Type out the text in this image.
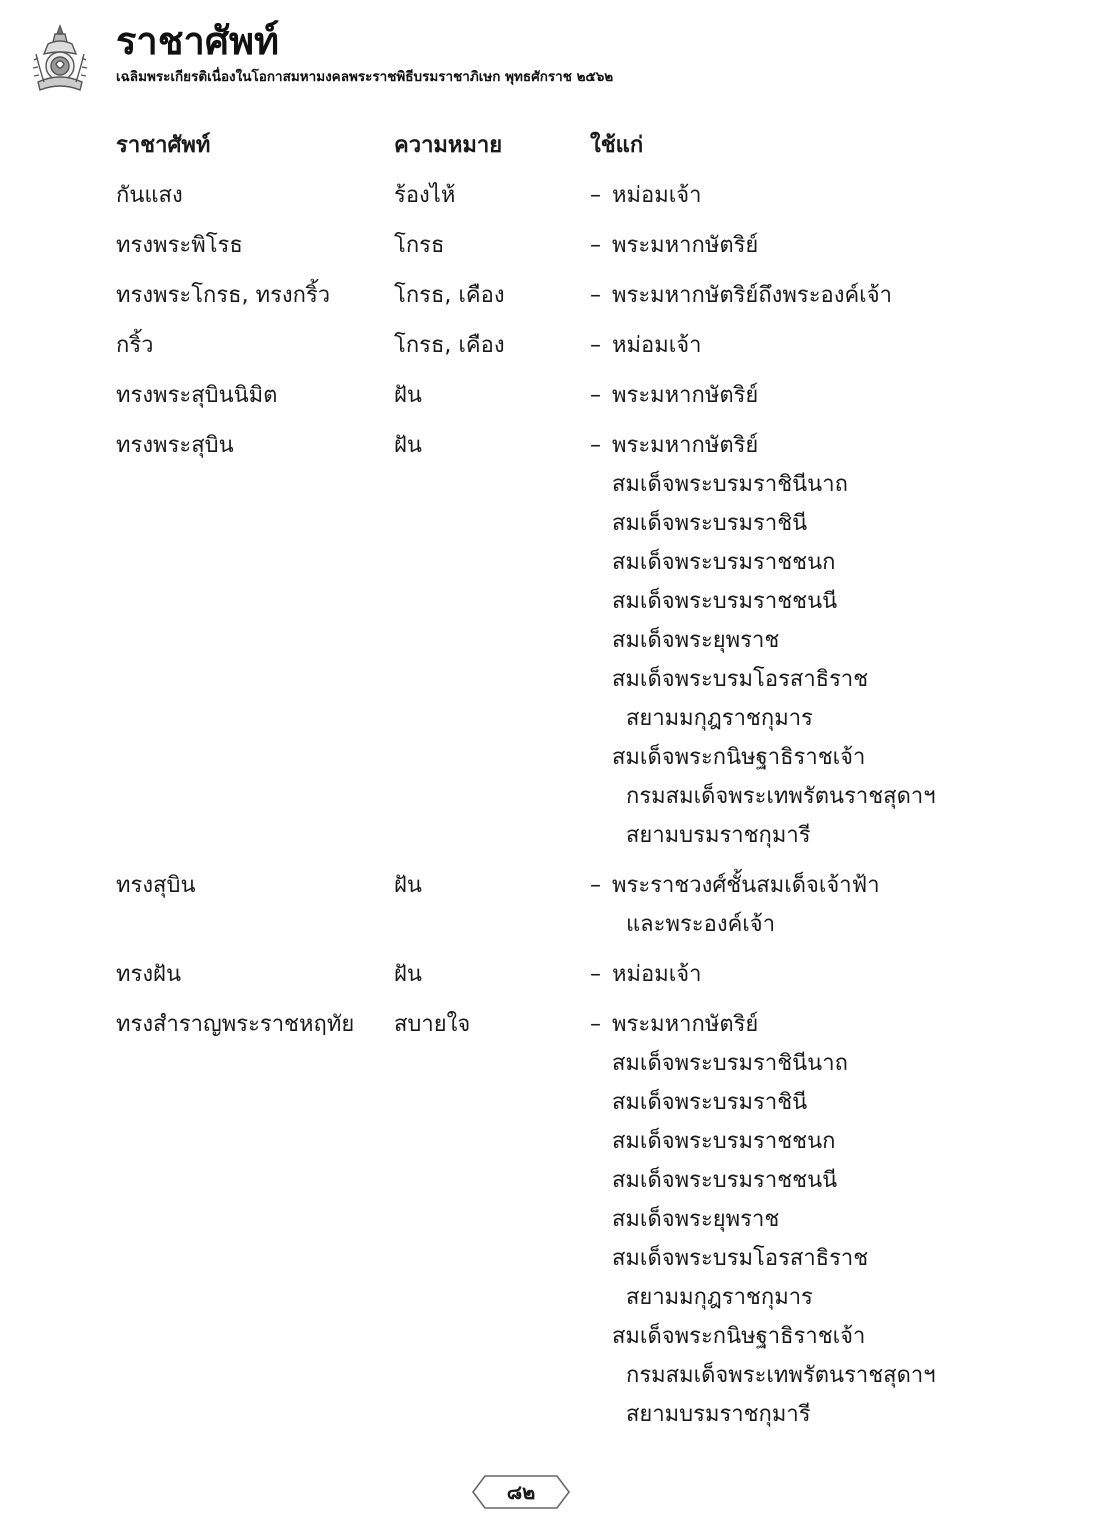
ราชาศัพท์
เฉลิมพระเกียรติเนื่องในโอกาสมหามงคลพระราชพิธีบรมราชาภิเษก พุทธศักราช ๒๕๖๒
ราชาศัพท์	ความหมาย	ใช้แก่
กันแสง	ร้องไห้	– หม่อมเจ้า
ทรงพระพิโรธ	โกรธ	– พระมหากษัตริย์
ทรงพระโกรธ, ทรงกริ้ว	โกรธ, เคือง	– พระมหากษัตริย์ถึงพระองค์เจ้า
กริ้ว	โกรธ, เคือง	– หม่อมเจ้า
ทรงพระสุบินนิมิต	ฝัน	– พระมหากษัตริย์
ทรงพระสุบิน	ฝัน	– พระมหากษัตริย์
สมเด็จพระบรมราชินีนาถ
สมเด็จพระบรมราชินี
สมเด็จพระบรมราชชนก
สมเด็จพระบรมราชชนนี
สมเด็จพระยุพราช
สมเด็จพระบรมโอรสาธิราช
สยามมกุฎราชกุมาร
สมเด็จพระกนิษฐาธิราชเจ้า
กรมสมเด็จพระเทพรัตนราชสุดาฯ
สยามบรมราชกุมารี
ทรงสุบิน	ฝัน	– พระราชวงศ์ชั้นสมเด็จเจ้าฟ้า
และพระองค์เจ้า
ทรงฝัน	ฝัน	– หม่อมเจ้า
ทรงสำราญพระราชหฤทัย	สบายใจ	– พระมหากษัตริย์
สมเด็จพระบรมราชินีนาถ
สมเด็จพระบรมราชินี
สมเด็จพระบรมราชชนก
สมเด็จพระบรมราชชนนี
สมเด็จพระยุพราช
สมเด็จพระบรมโอรสาธิราช
สยามมกุฎราชกุมาร
สมเด็จพระกนิษฐาธิราชเจ้า
กรมสมเด็จพระเทพรัตนราชสุดาฯ
สยามบรมราชกุมารี
๘๒
